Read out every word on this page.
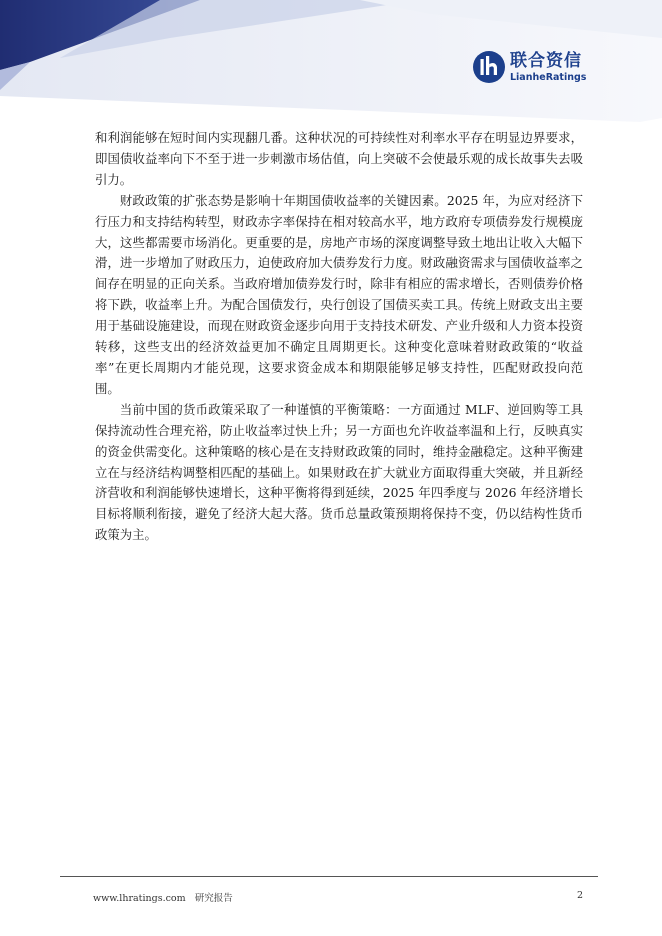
联合资信
LianheRatings

和利润能够在短时间内实现翻几番。这种状况的可持续性对利率水平存在明显边界要求，即国债收益率向下不至于进一步刺激市场估值，向上突破不会使最乐观的成长故事失去吸引力。

财政政策的扩张态势是影响十年期国债收益率的关键因素。2025 年，为应对经济下行压力和支持结构转型，财政赤字率保持在相对较高水平，地方政府专项债券发行规模庞大，这些都需要市场消化。更重要的是，房地产市场的深度调整导致土地出让收入大幅下滑，进一步增加了财政压力，迫使政府加大债券发行力度。财政融资需求与国债收益率之间存在明显的正向关系。当政府增加债券发行时，除非有相应的需求增长，否则债券价格将下跌，收益率上升。为配合国债发行，央行创设了国债买卖工具。传统上财政支出主要用于基础设施建设，而现在财政资金逐步向用于支持技术研发、产业升级和人力资本投资转移，这些支出的经济效益更加不确定且周期更长。这种变化意味着财政政策的“收益率”在更长周期内才能兑现，这要求资金成本和期限能够足够支持性，匹配财政投向范围。

当前中国的货币政策采取了一种谨慎的平衡策略：一方面通过 MLF、逆回购等工具保持流动性合理充裕，防止收益率过快上升；另一方面也允许收益率温和上行，反映真实的资金供需变化。这种策略的核心是在支持财政政策的同时，维持金融稳定。这种平衡建立在与经济结构调整相匹配的基础上。如果财政在扩大就业方面取得重大突破，并且新经济营收和利润能够快速增长，这种平衡将得到延续，2025 年四季度与 2026 年经济增长目标将顺利衔接，避免了经济大起大落。货币总量政策预期将保持不变，仍以结构性货币政策为主。

www.lhratings.com 研究报告	2
